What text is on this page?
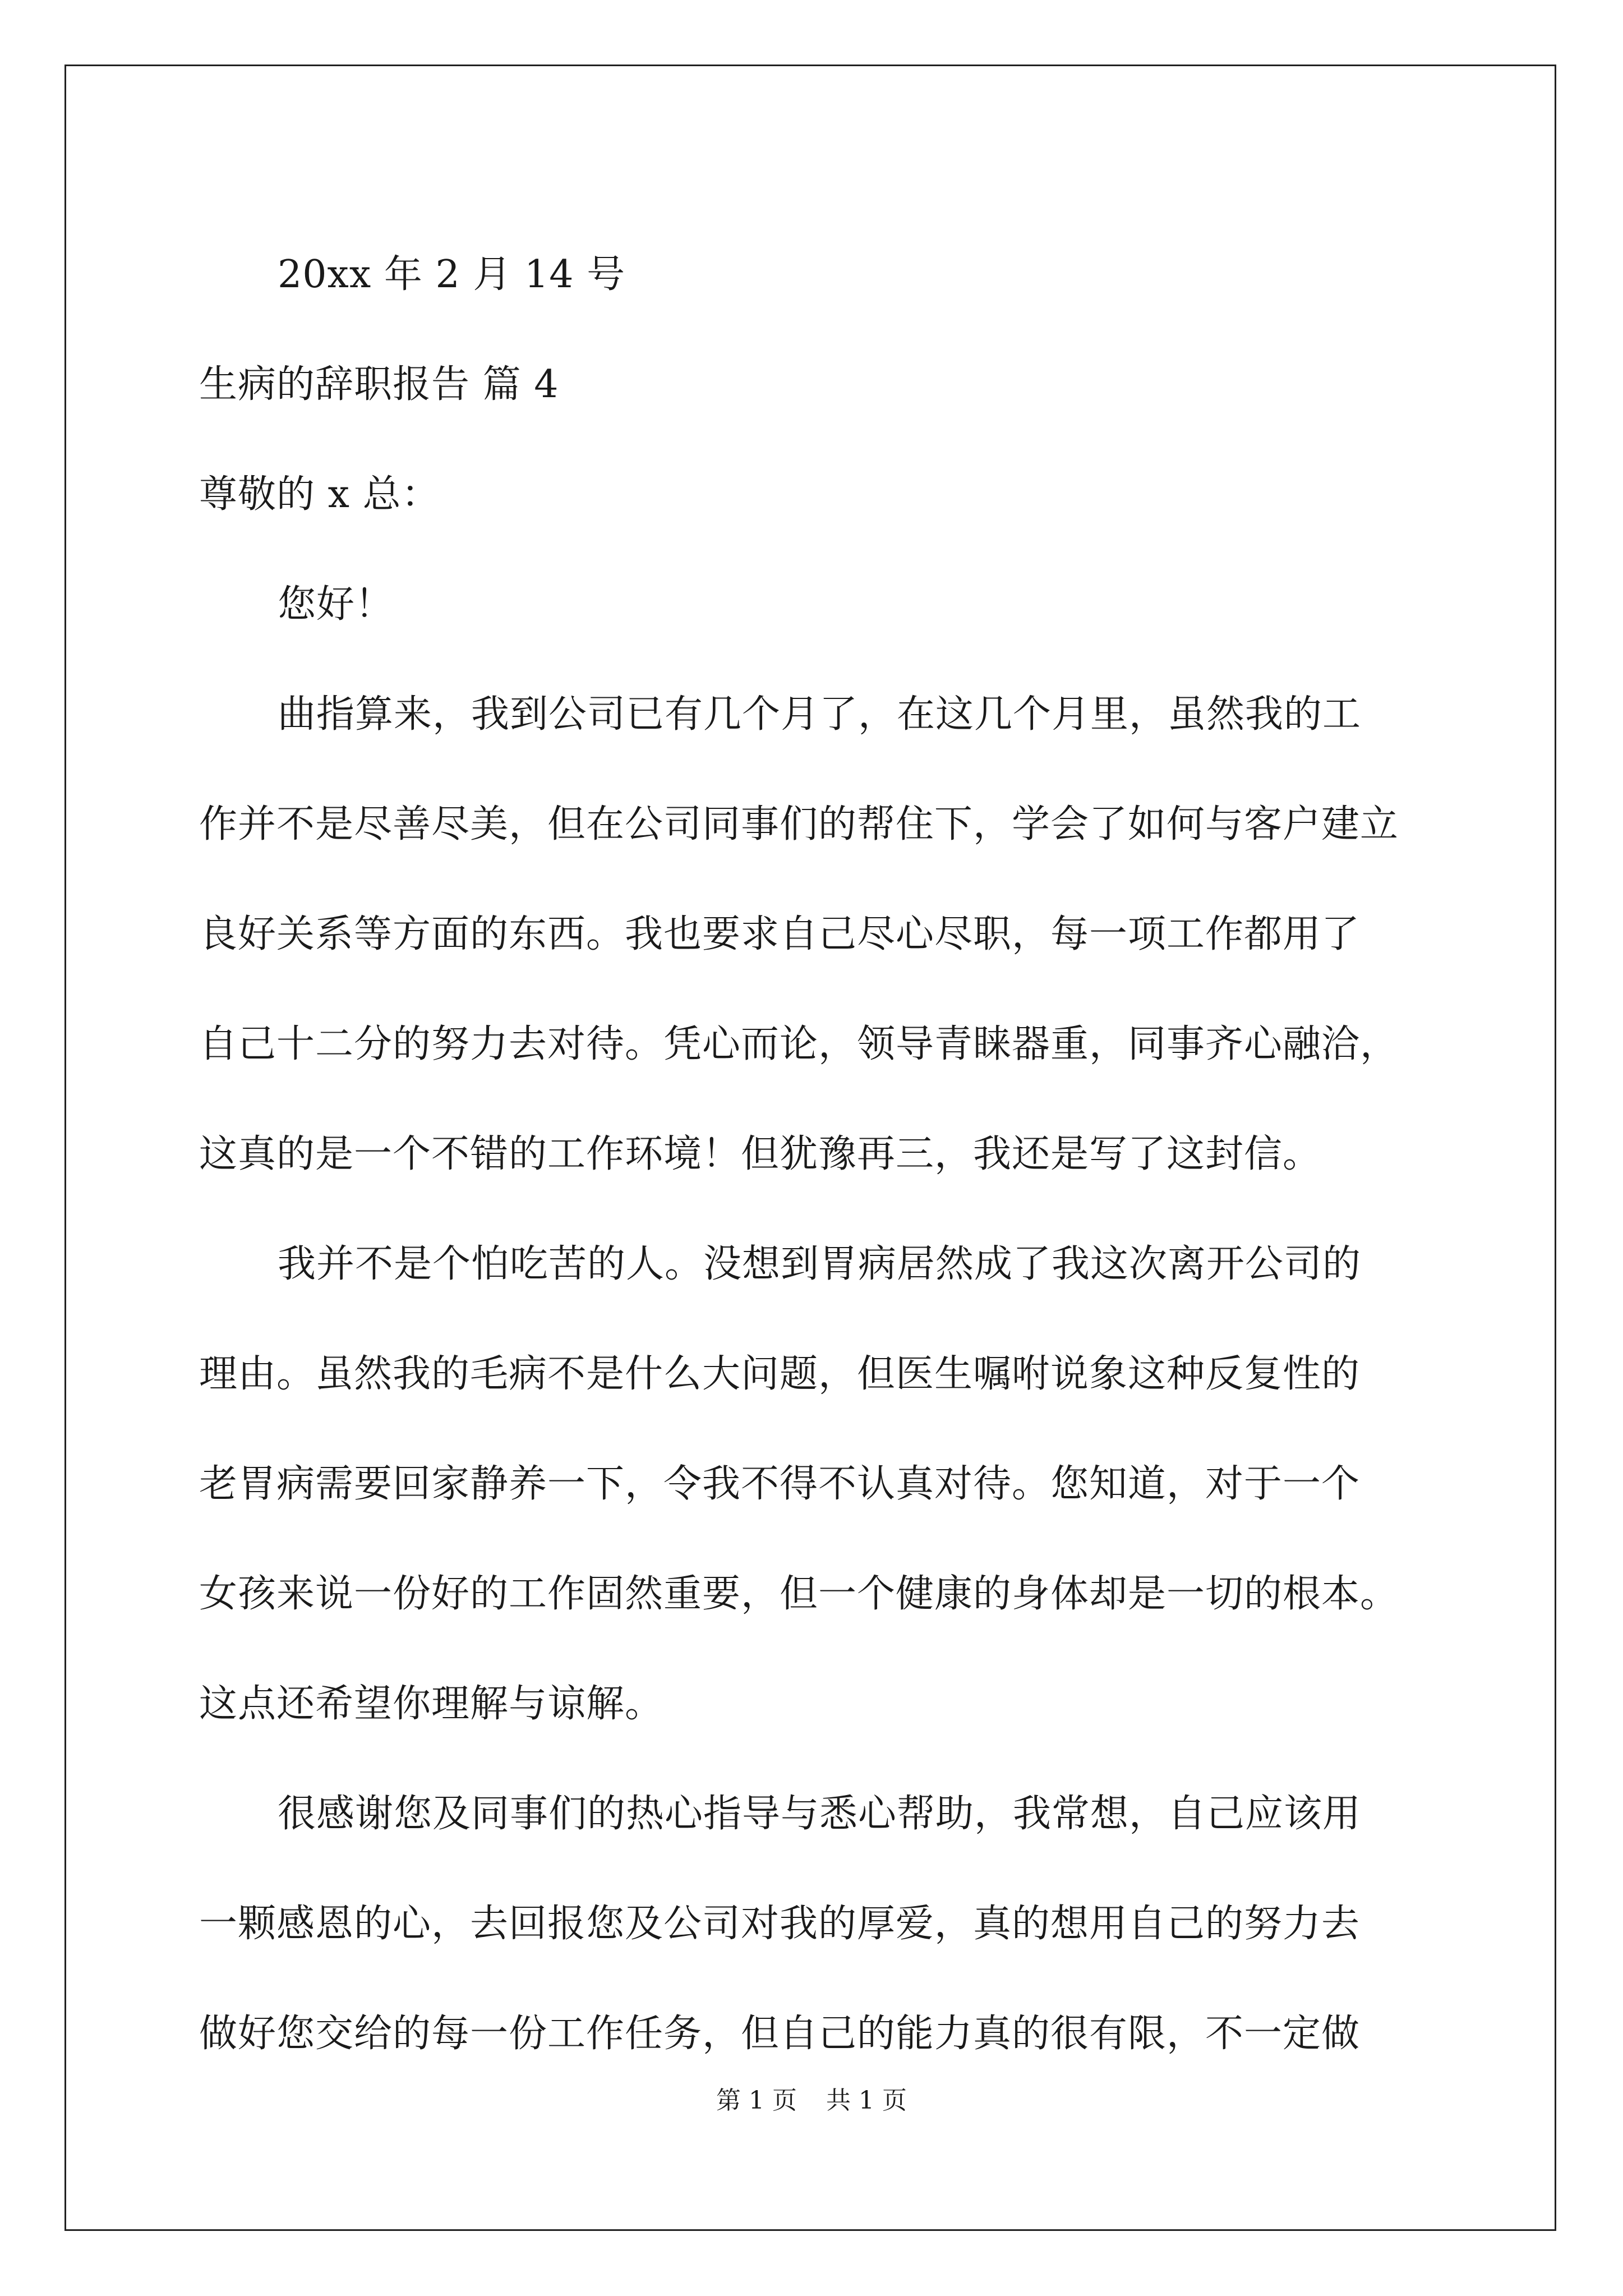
20xx 年 2 月 14 号
生病的辞职报告 篇 4
尊敬的 x 总：
您好！
曲指算来，我到公司已有几个月了，在这几个月里，虽然我的工
作并不是尽善尽美，但在公司同事们的帮住下，学会了如何与客户建立
良好关系等方面的东西。我也要求自己尽心尽职，每一项工作都用了
自己十二分的努力去对待。凭心而论，领导青睐器重，同事齐心融洽，
这真的是一个不错的工作环境！但犹豫再三，我还是写了这封信。
我并不是个怕吃苦的人。没想到胃病居然成了我这次离开公司的
理由。虽然我的毛病不是什么大问题，但医生嘱咐说象这种反复性的
老胃病需要回家静养一下，令我不得不认真对待。您知道，对于一个
女孩来说一份好的工作固然重要，但一个健康的身体却是一切的根本。
这点还希望你理解与谅解。
很感谢您及同事们的热心指导与悉心帮助，我常想，自己应该用
一颗感恩的心，去回报您及公司对我的厚爱，真的想用自己的努力去
做好您交给的每一份工作任务，但自己的能力真的很有限，不一定做
第 1 页 共 1 页
